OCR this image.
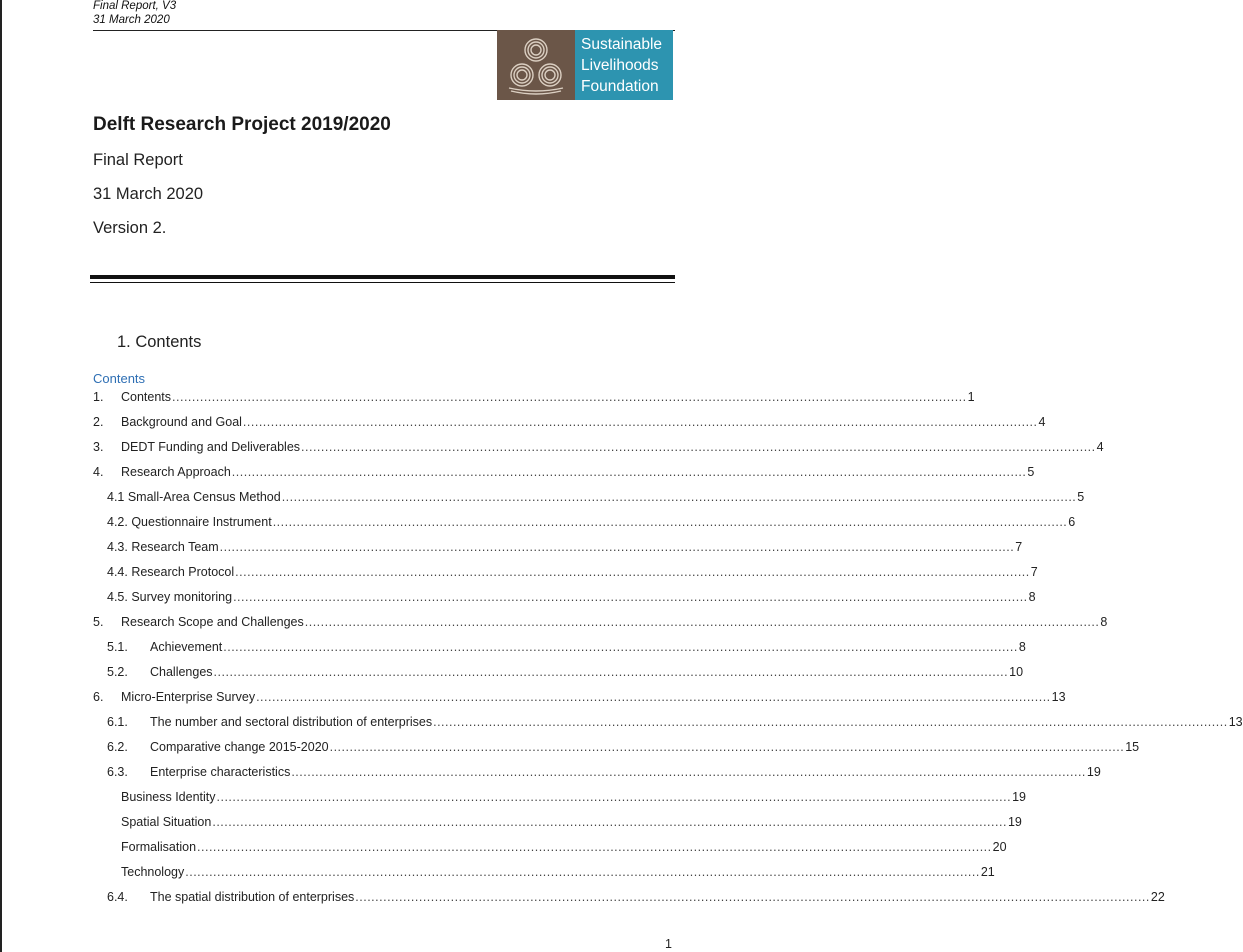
Final Report, V3
31 March 2020
Sustainable
Livelihoods
Foundation
Delft Research Project 2019/2020
Final Report
31 March 2020
Version 2.
1. Contents
Contents
1. Contents ........................................................................................................................................................................................................ 1
2. Background and Goal ........................................................................................................................................................................................................ 4
3. DEDT Funding and Deliverables ........................................................................................................................................................................................................ 4
4. Research Approach ........................................................................................................................................................................................................ 5
4.1 Small-Area Census Method ........................................................................................................................................................................................................ 5
4.2. Questionnaire Instrument ........................................................................................................................................................................................................ 6
4.3. Research Team ........................................................................................................................................................................................................ 7
4.4. Research Protocol ........................................................................................................................................................................................................ 7
4.5. Survey monitoring ........................................................................................................................................................................................................ 8
5. Research Scope and Challenges ........................................................................................................................................................................................................ 8
5.1. Achievement ........................................................................................................................................................................................................ 8
5.2. Challenges ........................................................................................................................................................................................................ 10
6. Micro-Enterprise Survey ........................................................................................................................................................................................................ 13
6.1. The number and sectoral distribution of enterprises ........................................................................................................................................................................................................ 13
6.2. Comparative change 2015-2020 ........................................................................................................................................................................................................ 15
6.3. Enterprise characteristics ........................................................................................................................................................................................................ 19
Business Identity ........................................................................................................................................................................................................ 19
Spatial Situation ........................................................................................................................................................................................................ 19
Formalisation ........................................................................................................................................................................................................ 20
Technology ........................................................................................................................................................................................................ 21
6.4. The spatial distribution of enterprises ........................................................................................................................................................................................................ 22
1
